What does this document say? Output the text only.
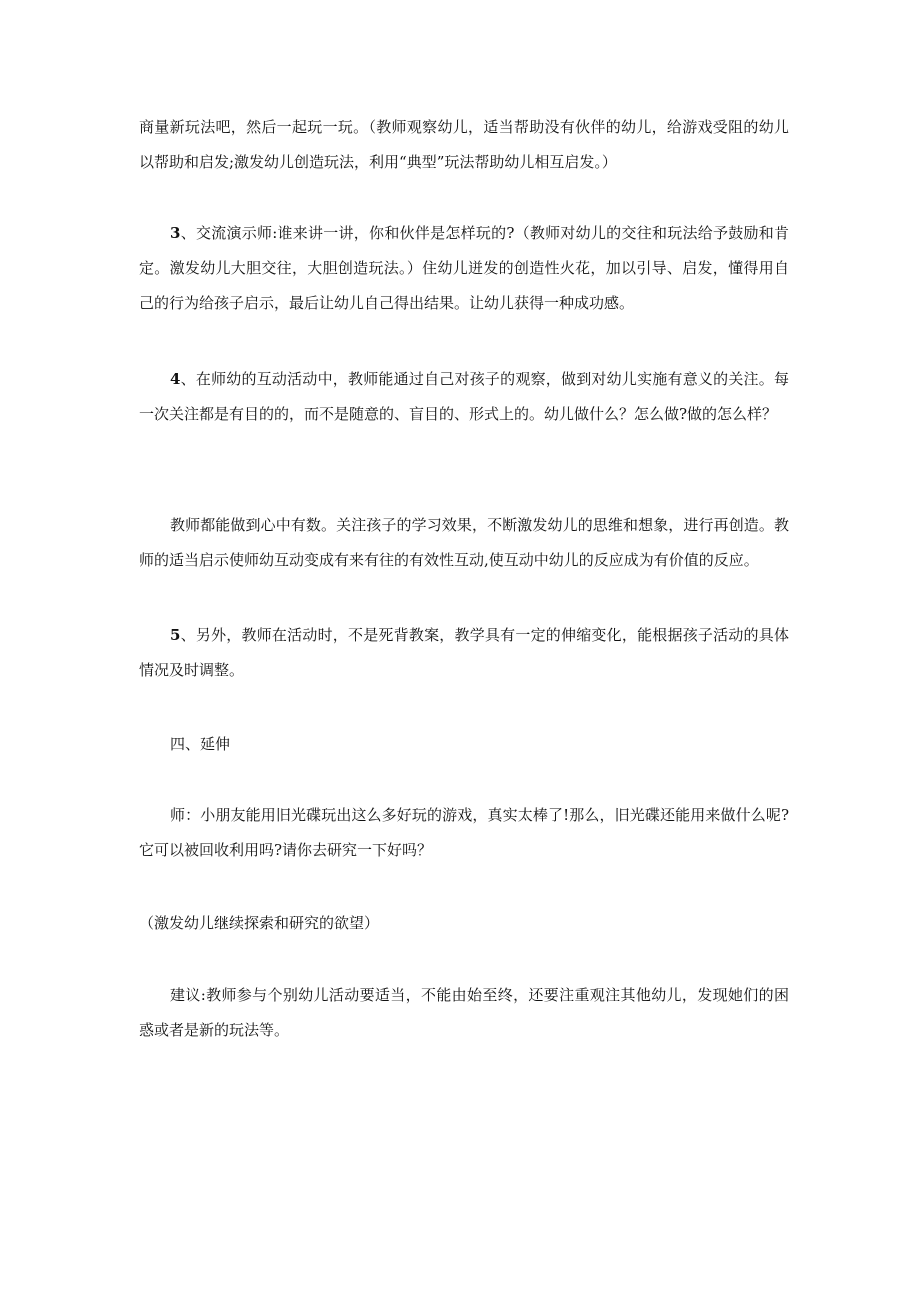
商量新玩法吧，然后一起玩一玩。（教师观察幼儿，适当帮助没有伙伴的幼儿，给游戏受阻的幼儿以帮助和启发;激发幼儿创造玩法，利用“典型”玩法帮助幼儿相互启发。）

3、交流演示师:谁来讲一讲，你和伙伴是怎样玩的?（教师对幼儿的交往和玩法给予鼓励和肯定。激发幼儿大胆交往，大胆创造玩法。）住幼儿迸发的创造性火花，加以引导、启发，懂得用自己的行为给孩子启示，最后让幼儿自己得出结果。让幼儿获得一种成功感。

4、在师幼的互动活动中，教师能通过自己对孩子的观察，做到对幼儿实施有意义的关注。每一次关注都是有目的的，而不是随意的、盲目的、形式上的。幼儿做什么？怎么做?做的怎么样？

教师都能做到心中有数。关注孩子的学习效果，不断激发幼儿的思维和想象，进行再创造。教师的适当启示使师幼互动变成有来有往的有效性互动,使互动中幼儿的反应成为有价值的反应。

5、另外，教师在活动时，不是死背教案，教学具有一定的伸缩变化，能根据孩子活动的具体情况及时调整。

四、延伸

师：小朋友能用旧光碟玩出这么多好玩的游戏，真实太棒了!那么，旧光碟还能用来做什么呢?它可以被回收利用吗?请你去研究一下好吗？

（激发幼儿继续探索和研究的欲望）

建议:教师参与个别幼儿活动要适当，不能由始至终，还要注重观注其他幼儿，发现她们的困惑或者是新的玩法等。
